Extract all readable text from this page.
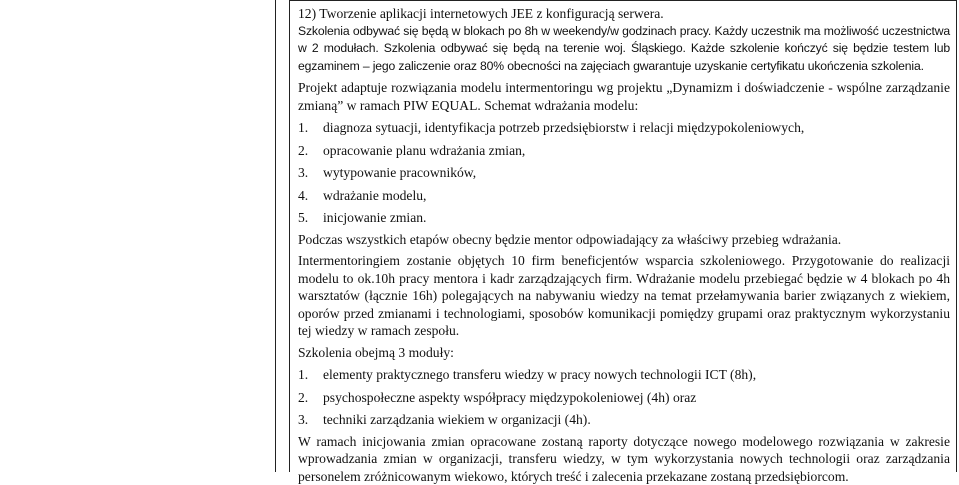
12) Tworzenie aplikacji internetowych JEE z konfiguracją serwera.

Szkolenia odbywać się będą w blokach po 8h w weekendy/w godzinach pracy. Każdy uczestnik ma możliwość uczestnictwa w 2 modułach. Szkolenia odbywać się będą na terenie woj. Śląskiego. Każde szkolenie kończyć się będzie testem lub egzaminem – jego zaliczenie oraz 80% obecności na zajęciach gwarantuje uzyskanie certyfikatu ukończenia szkolenia.

Projekt adaptuje rozwiązania modelu intermentoringu wg projektu „Dynamizm i doświadczenie - wspólne zarządzanie zmianą” w ramach PIW EQUAL. Schemat wdrażania modelu:

1.	diagnoza sytuacji, identyfikacja potrzeb przedsiębiorstw i relacji międzypokoleniowych,
2.	opracowanie planu wdrażania zmian,
3.	wytypowanie pracowników,
4.	wdrażanie modelu,
5.	inicjowanie zmian.

Podczas wszystkich etapów obecny będzie mentor odpowiadający za właściwy przebieg wdrażania.

Intermentoringiem zostanie objętych 10 firm beneficjentów wsparcia szkoleniowego. Przygotowanie do realizacji modelu to ok.10h pracy mentora i kadr zarządzających firm. Wdrażanie modelu przebiegać będzie w 4 blokach po 4h warsztatów (łącznie 16h) polegających na nabywaniu wiedzy na temat przełamywania barier związanych z wiekiem, oporów przed zmianami i technologiami, sposobów komunikacji pomiędzy grupami oraz praktycznym wykorzystaniu tej wiedzy w ramach zespołu.

Szkolenia obejmą 3 moduły:

1.	elementy praktycznego transferu wiedzy w pracy nowych technologii ICT (8h),
2.	psychospołeczne aspekty współpracy międzypokoleniowej (4h) oraz
3.	techniki zarządzania wiekiem w organizacji (4h).

W ramach inicjowania zmian opracowane zostaną raporty dotyczące nowego modelowego rozwiązania w zakresie wprowadzania zmian w organizacji, transferu wiedzy, w tym wykorzystania nowych technologii oraz zarządzania personelem zróżnicowanym wiekowo, których treść i zalecenia przekazane zostaną przedsiębiorcom.
